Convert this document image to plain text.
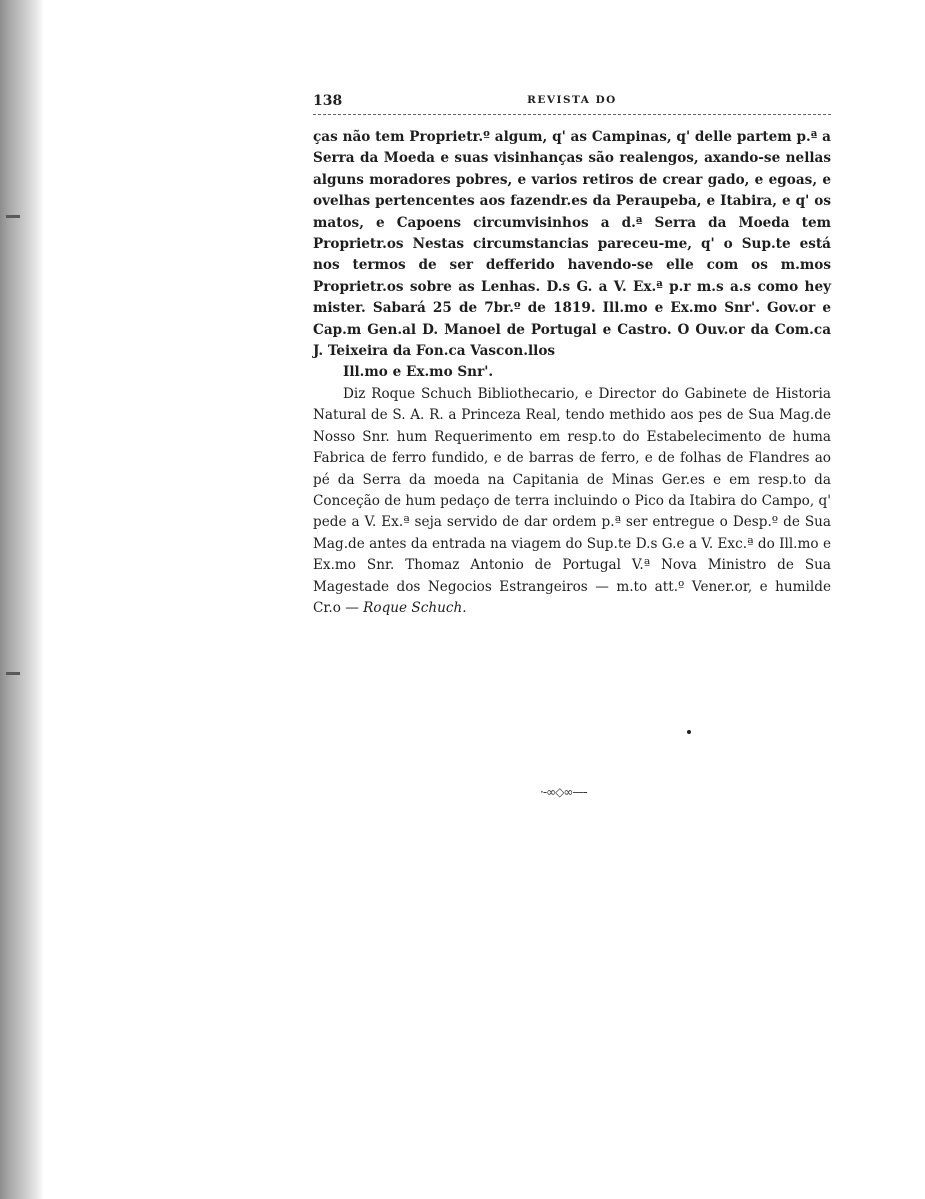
138	REVISTA DO

ças não tem Proprietr.º algum, q' as Campinas, q' delle partem p.ª a Serra da Moeda e suas visinhanças são realengos, axando-se nellas alguns moradores pobres, e varios retiros de crear gado, e egoas, e ovelhas pertencentes aos fazendr.es da Peraupeba, e Itabira, e q' os matos, e Capoens circumvisinhos a d.ª Serra da Moeda tem Proprietr.os Nestas circumstancias pareceu-me, q' o Sup.te está nos termos de ser defferido havendo-se elle com os m.mos Proprietr.os sobre as Lenhas. D.s G. a V. Ex.ª p.r m.s a.s como hey mister. Sabará 25 de 7br.º de 1819. Ill.mo e Ex.mo Snr'. Gov.or e Cap.m Gen.al D. Manoel de Portugal e Castro. O Ouv.or da Com.ca J. Teixeira da Fon.ca Vascon.llos

Ill.mo e Ex.mo Snr'.

Diz Roque Schuch Bibliothecario, e Director do Gabinete de Historia Natural de S. A. R. a Princeza Real, tendo methido aos pes de Sua Mag.de Nosso Snr. hum Requerimento em resp.to do Estabelecimento de huma Fabrica de ferro fundido, e de barras de ferro, e de folhas de Flandres ao pé da Serra da moeda na Capitania de Minas Ger.es e em resp.to da Conceção de hum pedaço de terra incluindo o Pico da Itabira do Campo, q' pede a V. Ex.ª seja servido de dar ordem p.ª ser entregue o Desp.º de Sua Mag.de antes da entrada na viagem do Sup.te D.s G.e a V. Exc.ª do Ill.mo e Ex.mo Snr. Thomaz Antonio de Portugal V.ª Nova Ministro de Sua Magestade dos Negocios Estrangeiros — m.to att.º Vener.or, e humilde Cr.o — Roque Schuch.

·-∞◇∞—-
